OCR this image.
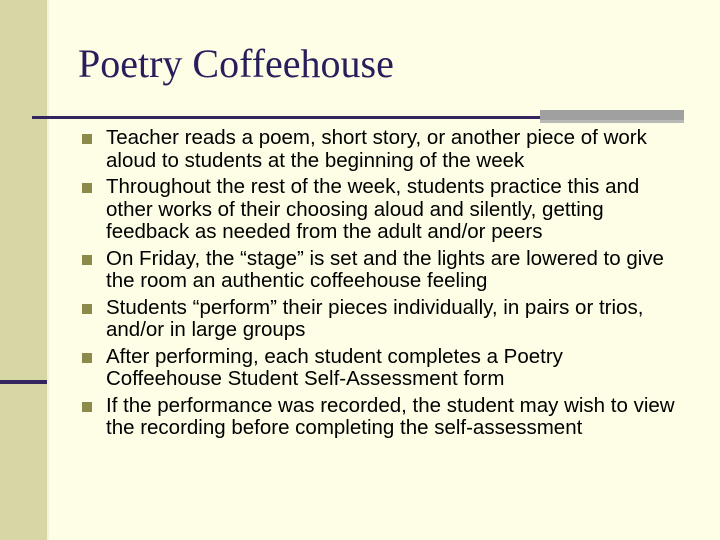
Poetry Coffeehouse
Teacher reads a poem, short story, or another piece of work aloud to students at the beginning of the week
Throughout the rest of the week, students practice this and other works of their choosing aloud and silently, getting feedback as needed from the adult and/or peers
On Friday, the “stage” is set and the lights are lowered to give the room an authentic coffeehouse feeling
Students “perform” their pieces individually, in pairs or trios, and/or in large groups
After performing, each student completes a Poetry Coffeehouse Student Self-Assessment form
If the performance was recorded, the student may wish to view the recording before completing the self-assessment
